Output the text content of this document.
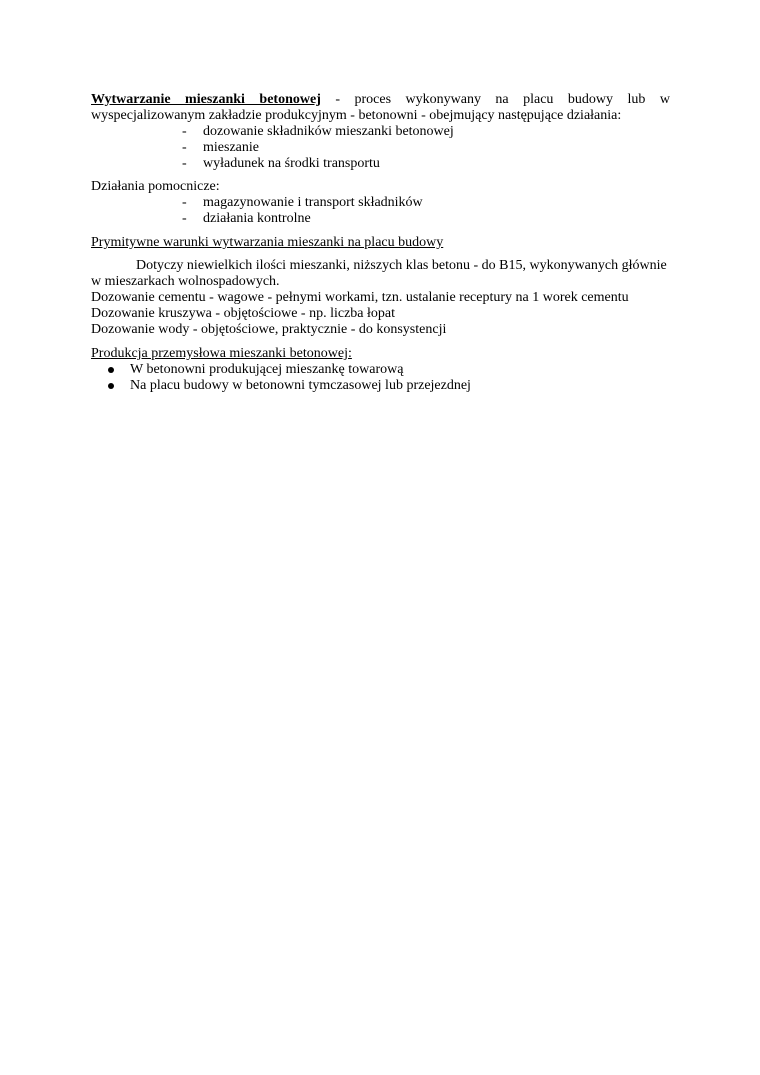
Wytwarzanie mieszanki betonowej - proces wykonywany na placu budowy lub w
wyspecjalizowanym zakładzie produkcyjnym - betonowni - obejmujący następujące działania:
- dozowanie składników mieszanki betonowej
- mieszanie
- wyładunek na środki transportu
Działania pomocnicze:
- magazynowanie i transport składników
- działania kontrolne
Prymitywne warunki wytwarzania mieszanki na placu budowy
Dotyczy niewielkich ilości mieszanki, niższych klas betonu - do B15, wykonywanych głównie
w mieszarkach wolnospadowych.
Dozowanie cementu - wagowe - pełnymi workami, tzn. ustalanie receptury na 1 worek cementu
Dozowanie kruszywa - objętościowe - np. liczba łopat
Dozowanie wody - objętościowe, praktycznie - do konsystencji
Produkcja przemysłowa mieszanki betonowej:
W betonowni produkującej mieszankę towarową
Na placu budowy w betonowni tymczasowej lub przejezdnej
